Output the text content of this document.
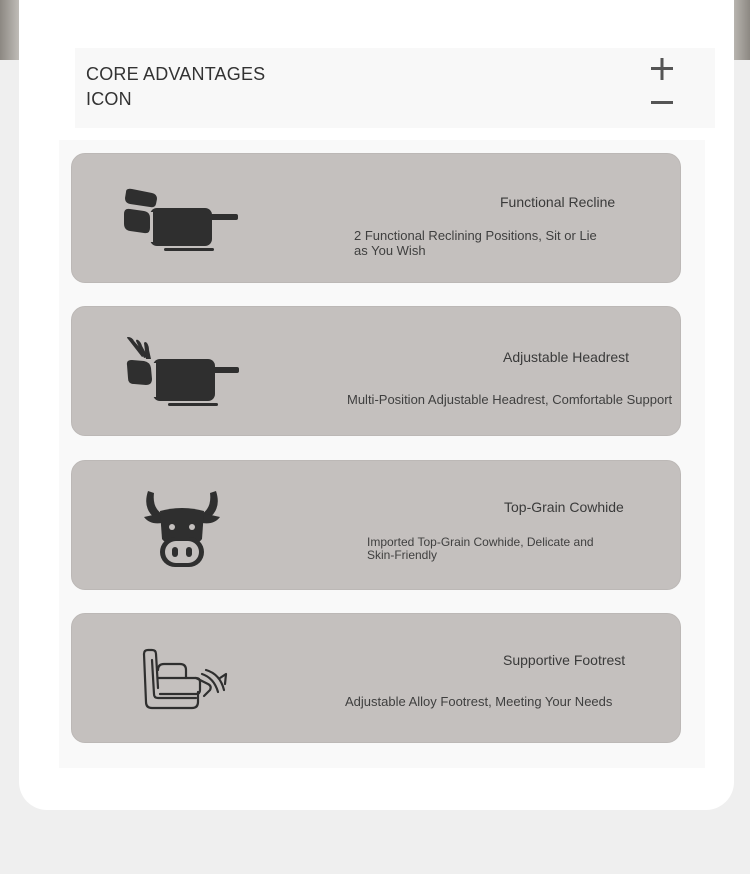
CORE ADVANTAGES
ICON
Functional Recline
2 Functional Reclining Positions, Sit or Lie as You Wish
Adjustable Headrest
Multi-Position Adjustable Headrest, Comfortable Support
Top-Grain Cowhide
Imported Top-Grain Cowhide, Delicate and Skin-Friendly
Supportive Footrest
Adjustable Alloy Footrest, Meeting Your Needs
